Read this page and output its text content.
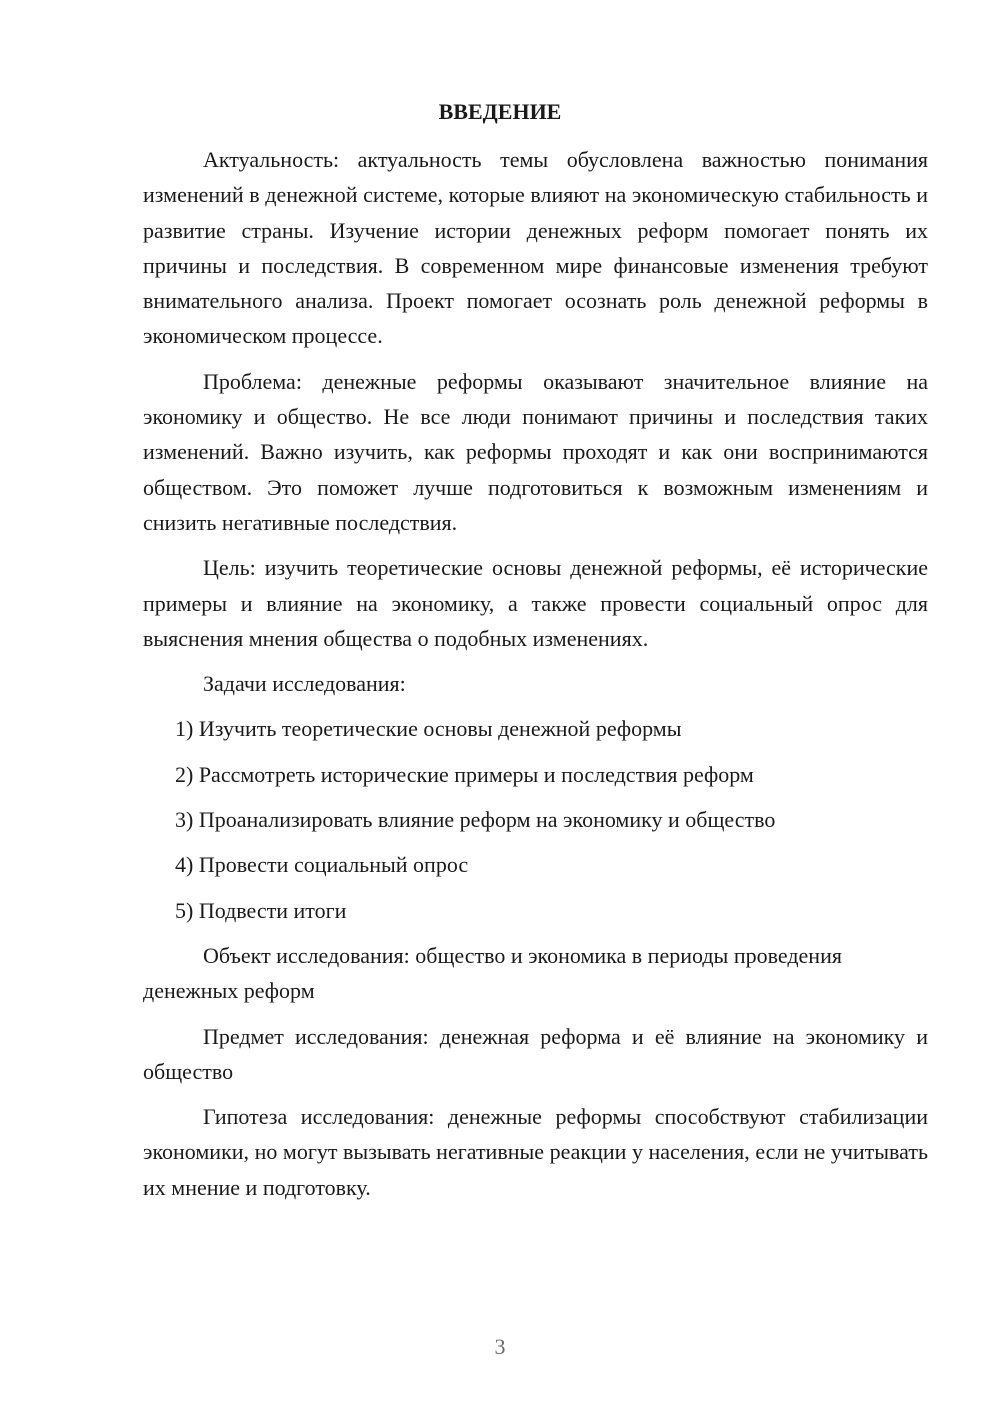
ВВЕДЕНИЕ

Актуальность: актуальность темы обусловлена важностью понимания изменений в денежной системе, которые влияют на экономическую стабильность и развитие страны. Изучение истории денежных реформ помогает понять их причины и последствия. В современном мире финансовые изменения требуют внимательного анализа. Проект помогает осознать роль денежной реформы в экономическом процессе.

Проблема: денежные реформы оказывают значительное влияние на экономику и общество. Не все люди понимают причины и последствия таких изменений. Важно изучить, как реформы проходят и как они воспринимаются обществом. Это поможет лучше подготовиться к возможным изменениям и снизить негативные последствия.

Цель: изучить теоретические основы денежной реформы, её исторические примеры и влияние на экономику, а также провести социальный опрос для выяснения мнения общества о подобных изменениях.

Задачи исследования:

1) Изучить теоретические основы денежной реформы
2) Рассмотреть исторические примеры и последствия реформ
3) Проанализировать влияние реформ на экономику и общество
4) Провести социальный опрос
5) Подвести итоги

Объект исследования: общество и экономика в периоды проведения денежных реформ

Предмет исследования: денежная реформа и её влияние на экономику и общество

Гипотеза исследования: денежные реформы способствуют стабилизации экономики, но могут вызывать негативные реакции у населения, если не учитывать их мнение и подготовку.

3
